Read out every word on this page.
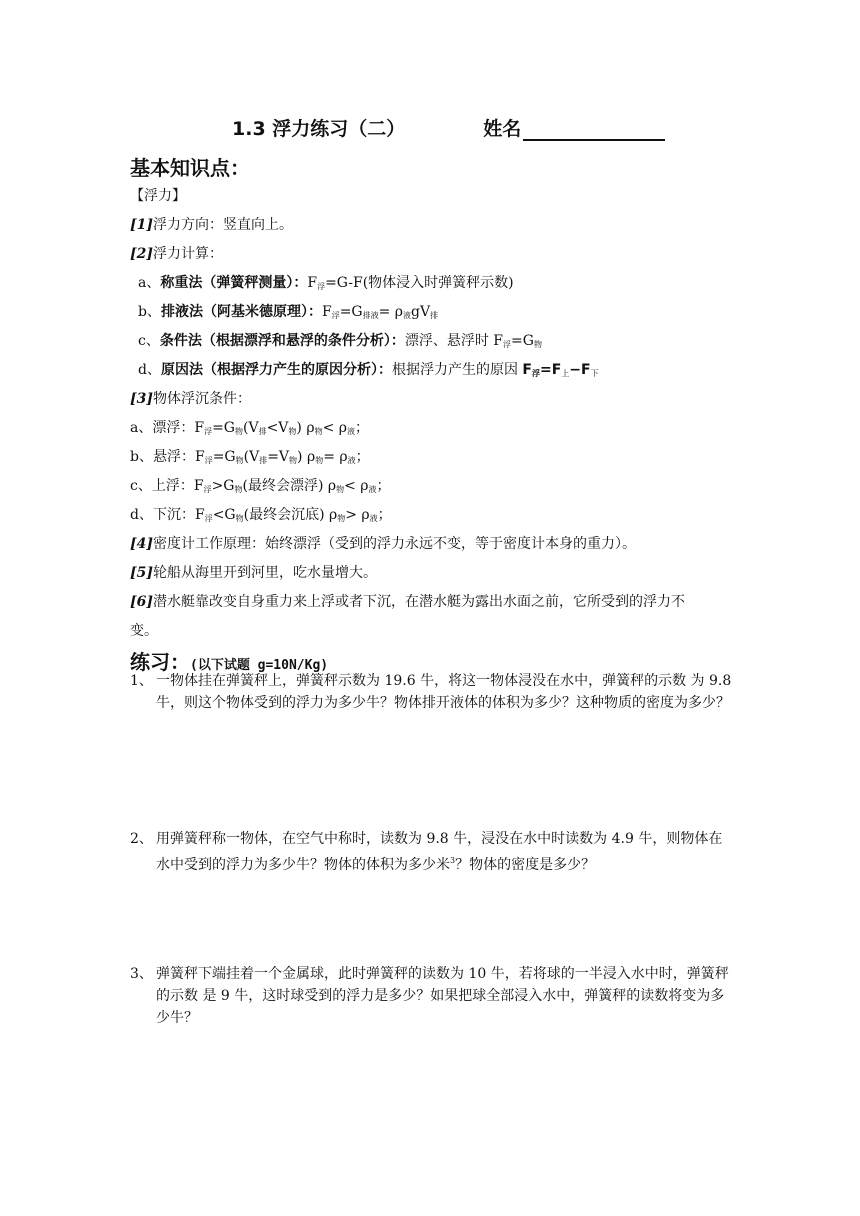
1.3 浮力练习（二）	姓名
基本知识点：
【浮力】
[1]浮力方向：竖直向上。
[2]浮力计算：
a、称重法（弹簧秤测量）：F浮=G-F(物体浸入时弹簧秤示数)
b、排液法（阿基米德原理）：F浮=G排液= ρ液gV排
c、条件法（根据漂浮和悬浮的条件分析）：漂浮、悬浮时 F浮=G物
d、原因法（根据浮力产生的原因分析）：根据浮力产生的原因 F浮=F上−F下
[3]物体浮沉条件：
a、漂浮：F浮=G物(V排<V物) ρ物< ρ液；
b、悬浮：F浮=G物(V排=V物) ρ物= ρ液；
c、上浮：F浮>G物(最终会漂浮) ρ物< ρ液；
d、下沉：F浮<G物(最终会沉底) ρ物> ρ液；
[4]密度计工作原理：始终漂浮（受到的浮力永远不变，等于密度计本身的重力）。
[5]轮船从海里开到河里，吃水量增大。
[6]潜水艇靠改变自身重力来上浮或者下沉，在潜水艇为露出水面之前，它所受到的浮力不
变。
练习：(以下试题 g=10N/Kg)
1、 一物体挂在弹簧秤上，弹簧秤示数为 19.6 牛，将这一物体浸没在水中，弹簧秤的示数 为 9.8 牛，则这个物体受到的浮力为多少牛？物体排开液体的体积为多少？这种物质的密度为多少？
2、 用弹簧秤称一物体，在空气中称时，读数为 9.8 牛，浸没在水中时读数为 4.9 牛，则物体在水中受到的浮力为多少牛？物体的体积为多少米$^3$？物体的密度是多少？
3、 弹簧秤下端挂着一个金属球，此时弹簧秤的读数为 10 牛，若将球的一半浸入水中时，弹簧秤的示数 是 9 牛，这时球受到的浮力是多少？如果把球全部浸入水中，弹簧秤的读数将变为多少牛？
